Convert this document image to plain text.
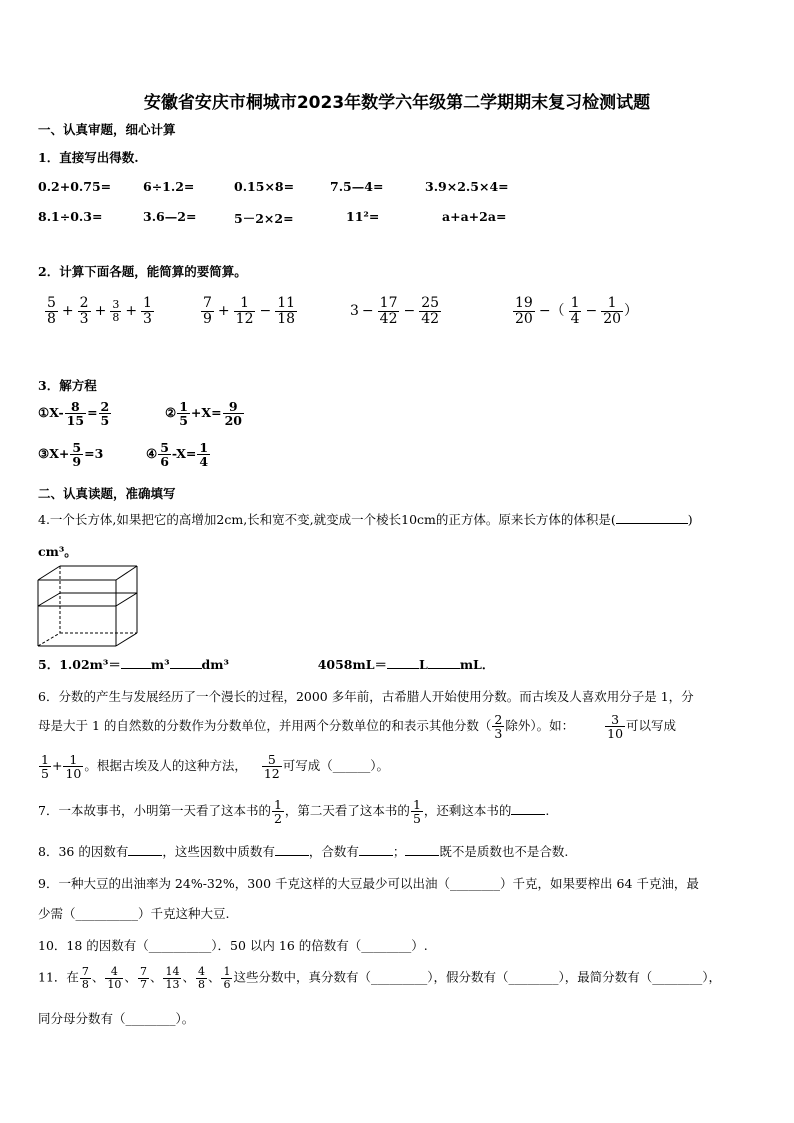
安徽省安庆市桐城市2023年数学六年级第二学期期末复习检测试题
一、认真审题，细心计算
1．直接写出得数.
0.2+0.75=	6÷1.2=	0.15×8=	7.5—4=	3.9×2.5×4=
8.1÷0.3=	3.6—2=	5－2×2=	11²=	a+a+2a=
2．计算下面各题，能简算的要简算。
$\frac{5}{8} + \frac{2}{3} + \frac{3}{8} + \frac{1}{3}$	$\frac{7}{9} + \frac{1}{12} - \frac{11}{18}$	$3 - \frac{17}{42} - \frac{25}{42}$	$\frac{19}{20}$ −（ $\frac{1}{4} - \frac{1}{20}$ ）
3．解方程
①X- $\frac{8}{15} = \frac{2}{5}$	② $\frac{1}{5} +X= \frac{9}{20}$
③X+ $\frac{5}{9} =3$	④ $\frac{5}{6} -X= \frac{1}{4}$
二、认真读题，准确填写
4.一个长方体,如果把它的高增加2cm,长和宽不变,就变成一个棱长10cm的正方体。原来长方体的体积是(	)
cm³。
5．1.02m³＝ m³	dm³	4058mL＝	L	mL．
6．分数的产生与发展经历了一个漫长的过程，2000 多年前，古希腊人开始使用分数。而古埃及人喜欢用分子是 1，分
母是大于 1 的自然数的分数作为分数单位，并用两个分数单位的和表示其他分数（ $\frac{2}{3}$ 除外）。如： $\frac{3}{10}$ 可以写成
$\frac{1}{5} + \frac{1}{10}$ 。根据古埃及人的这种方法， $\frac{5}{12}$ 可写成（______）。
7．一本故事书，小明第一天看了这本书的 $\frac{1}{2}$ ，第二天看了这本书的 $\frac{1}{5}$ ，还剩这本书的	.
8．36 的因数有	，这些因数中质数有	，合数有	；	既不是质数也不是合数.
9．一种大豆的出油率为 24%-32%，300 千克这样的大豆最少可以出油（________）千克，如果要榨出 64 千克油，最
少需（__________）千克这种大豆.
10．18 的因数有（__________）．50 以内 16 的倍数有（________）.
11．在 $\frac{7}{8}$ 、 $\frac{4}{10}$ 、 $\frac{7}{7}$ 、 $\frac{14}{13}$ 、 $\frac{4}{8}$ 、 $\frac{1}{6}$ 这些分数中，真分数有（_________），假分数有（________），最简分数有（________），
同分母分数有（________）。
